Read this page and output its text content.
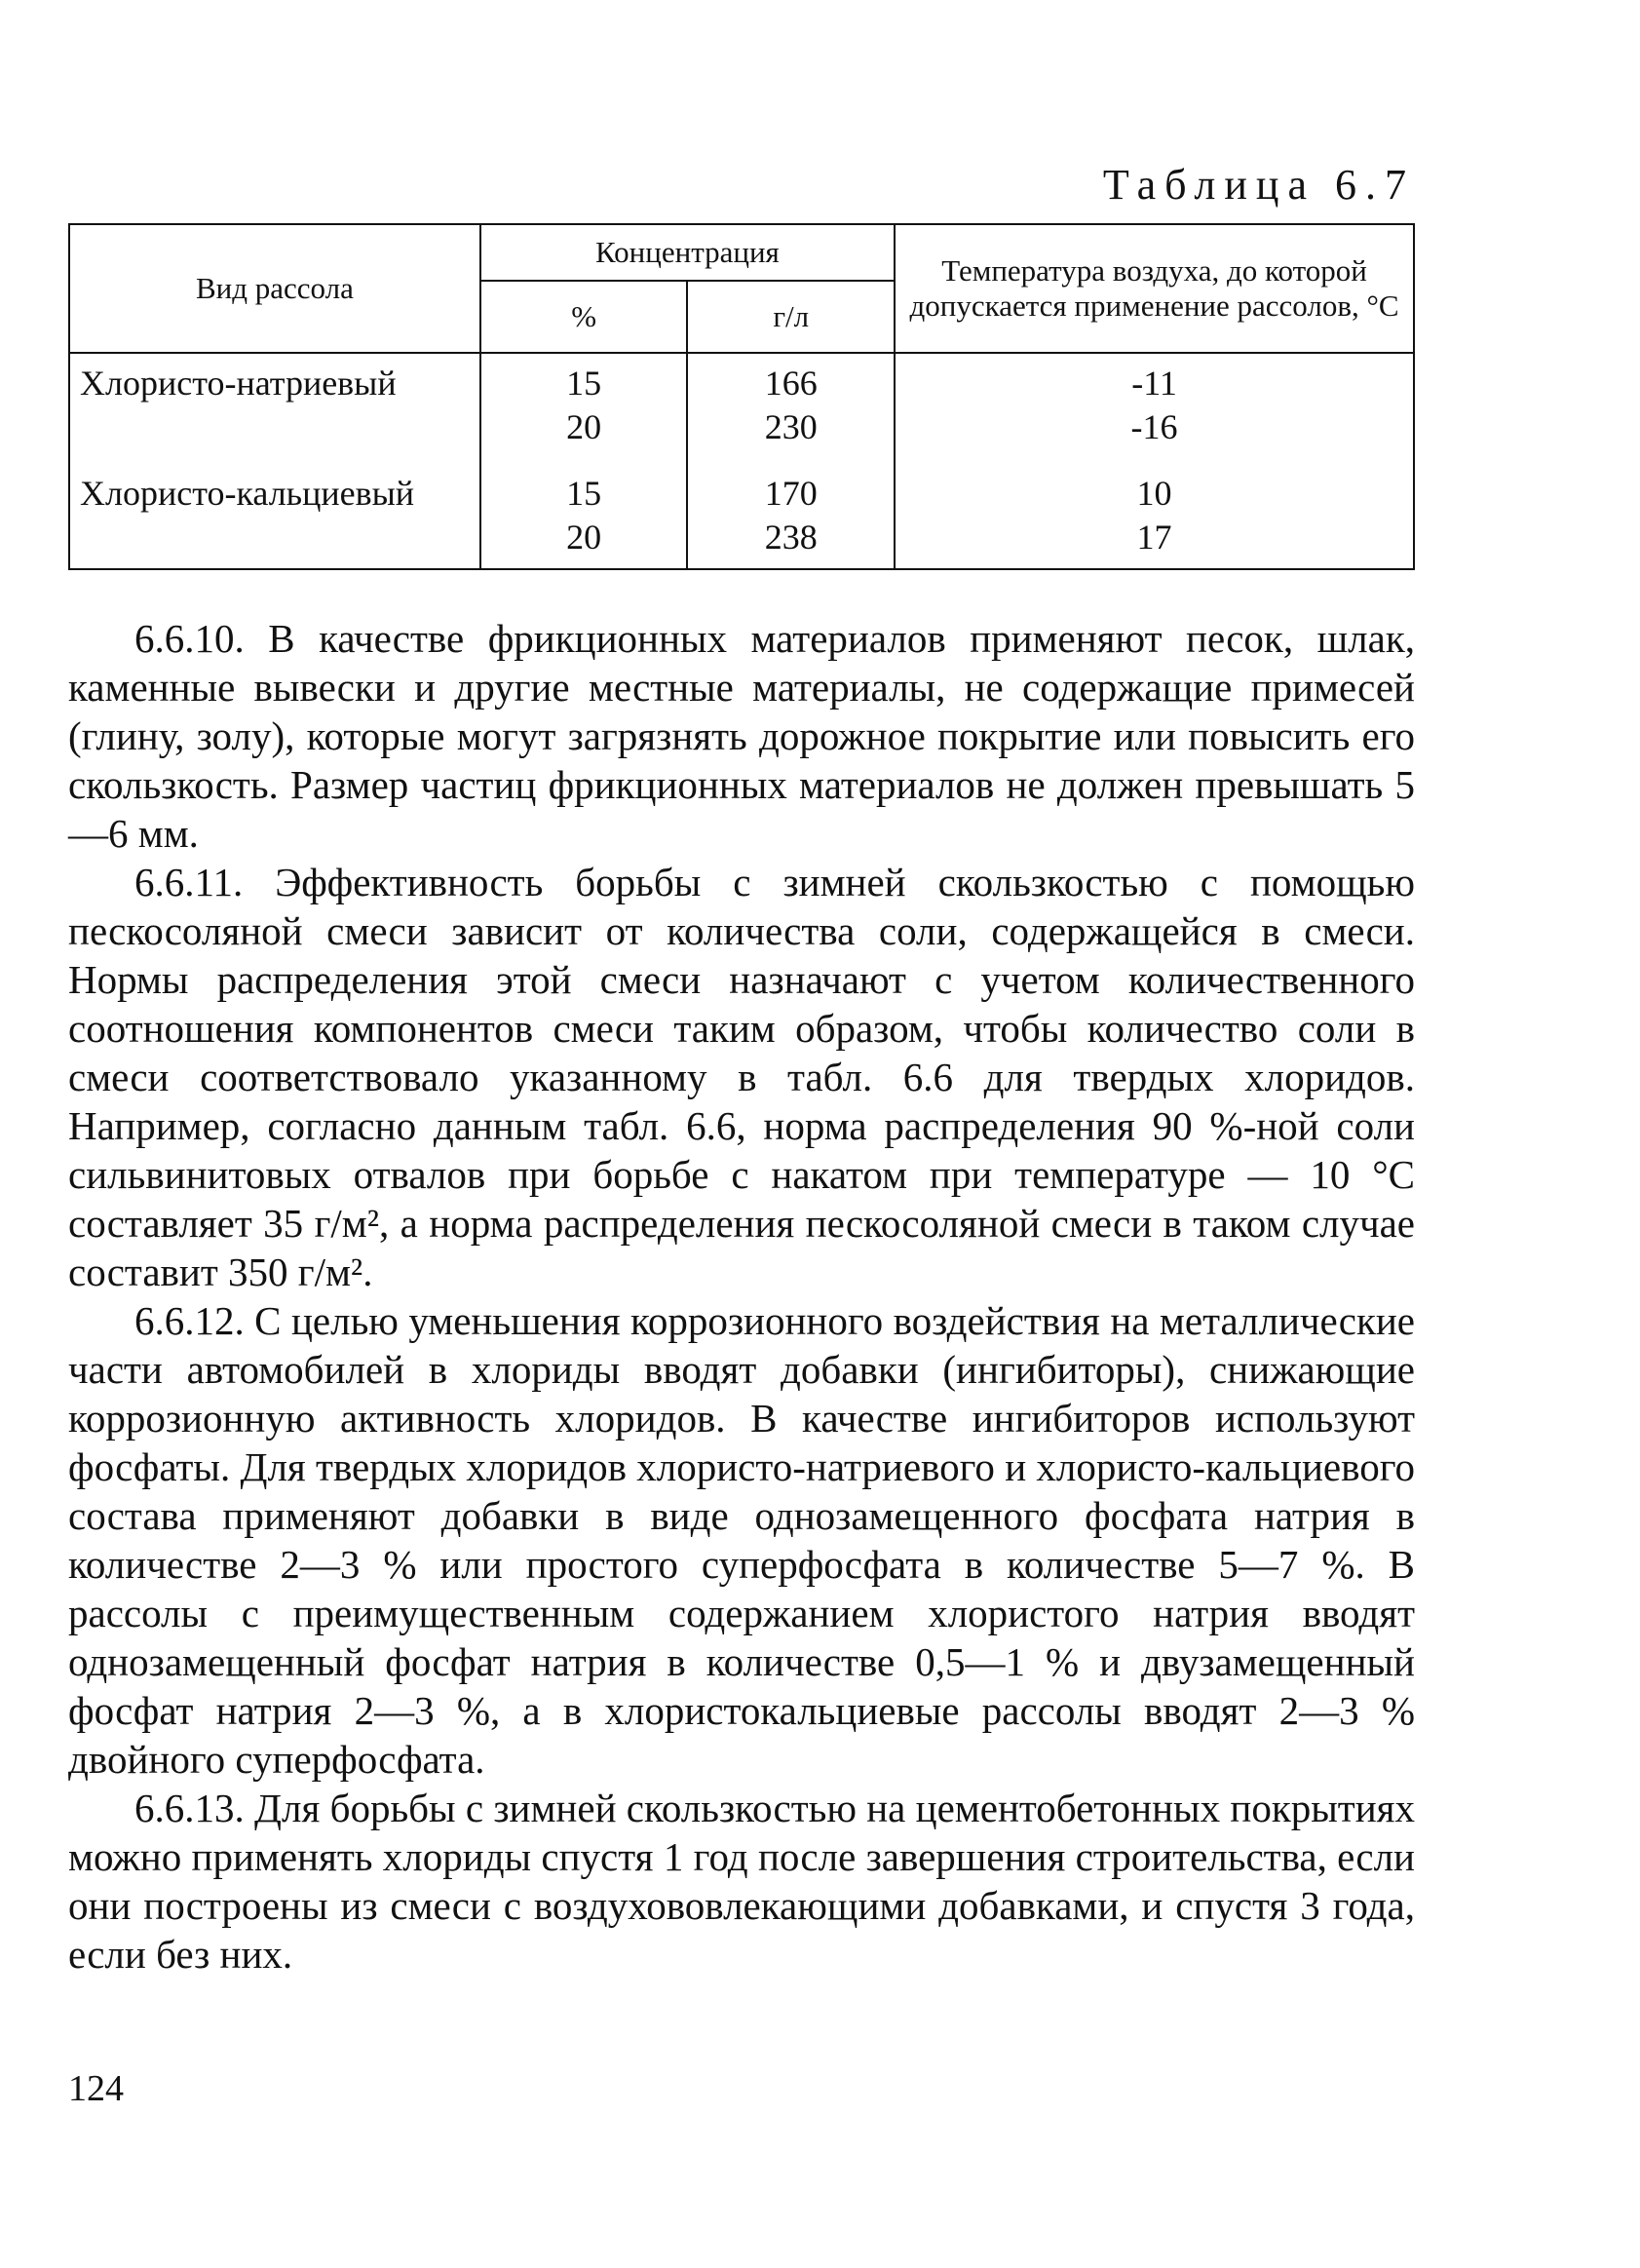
Таблица 6.7
Вид рассола	Концентрация		Температура воздуха, до которой допускается применение рассолов, °С
	%	г/л	
Хлористо-натриевый	15	166	-11
	20	230	-16
Хлористо-кальциевый	15	170	10
	20	238	17

6.6.10. В качестве фрикционных материалов применяют песок, шлак, каменные вывески и другие местные материалы, не содержащие примесей (глину, золу), которые могут загрязнять дорожное покрытие или повысить его скользкость. Размер частиц фрикционных материалов не должен превышать 5—6 мм.

6.6.11. Эффективность борьбы с зимней скользкостью с помощью пескосоляной смеси зависит от количества соли, содержащейся в смеси. Нормы распределения этой смеси назначают с учетом количественного соотношения компонентов смеси таким образом, чтобы количество соли в смеси соответствовало указанному в табл. 6.6 для твердых хлоридов. Например, согласно данным табл. 6.6, норма распределения 90 %-ной соли сильвинитовых отвалов при борьбе с накатом при температуре — 10 °С составляет 35 г/м², а норма распределения пескосоляной смеси в таком случае составит 350 г/м².

6.6.12. С целью уменьшения коррозионного воздействия на металлические части автомобилей в хлориды вводят добавки (ингибиторы), снижающие коррозионную активность хлоридов. В качестве ингибиторов используют фосфаты. Для твердых хлоридов хлористо-натриевого и хлористо-кальциевого состава применяют добавки в виде однозамещенного фосфата натрия в количестве 2—3 % или простого суперфосфата в количестве 5—7 %. В рассолы с преимущественным содержанием хлористого натрия вводят однозамещенный фосфат натрия в количестве 0,5—1 % и двузамещенный фосфат натрия 2—3 %, а в хлористокальциевые рассолы вводят 2—3 % двойного суперфосфата.

6.6.13. Для борьбы с зимней скользкостью на цементобетонных покрытиях можно применять хлориды спустя 1 год после завершения строительства, если они построены из смеси с воздухововлекающими добавками, и спустя 3 года, если без них.

124
